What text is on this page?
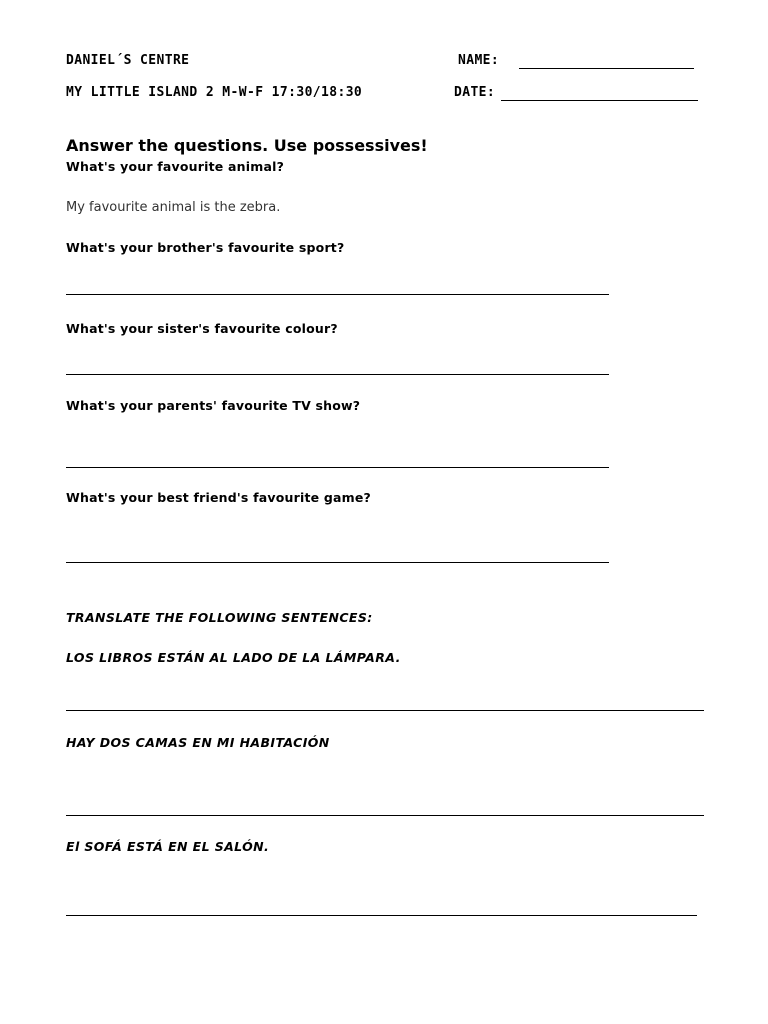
DANIEL´S CENTRE	NAME:
MY LITTLE ISLAND 2 M-W-F 17:30/18:30	DATE:
Answer the questions. Use possessives!
What's your favourite animal?
My favourite animal is the zebra.
What's your brother's favourite sport?
What's your sister's favourite colour?
What's your parents' favourite TV show?
What's your best friend's favourite game?
TRANSLATE THE FOLLOWING SENTENCES:
LOS LIBROS ESTÁN AL LADO DE LA LÁMPARA.
HAY DOS CAMAS EN MI HABITACIÓN
El SOFÁ ESTÁ EN EL SALÓN.
